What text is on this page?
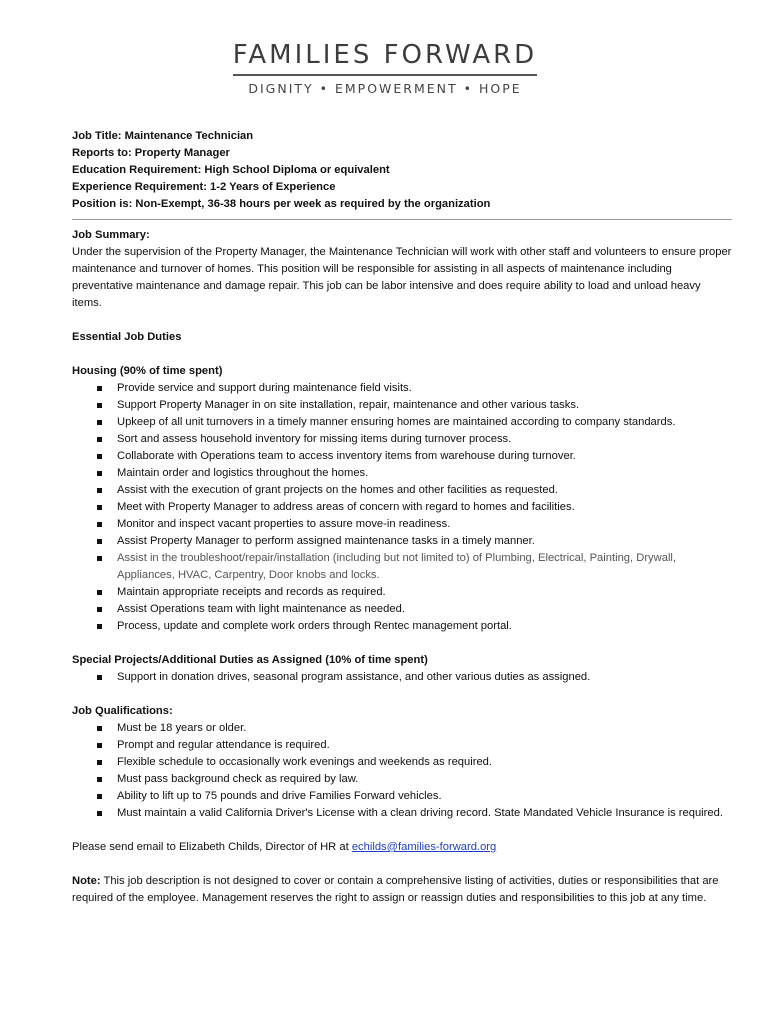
FAMILIES FORWARD
DIGNITY • EMPOWERMENT • HOPE
Job Title: Maintenance Technician
Reports to: Property Manager
Education Requirement: High School Diploma or equivalent
Experience Requirement: 1-2 Years of Experience
Position is: Non-Exempt, 36-38 hours per week as required by the organization
Job Summary:

Under the supervision of the Property Manager, the Maintenance Technician will work with other staff and volunteers to ensure proper maintenance and turnover of homes. This position will be responsible for assisting in all aspects of maintenance including preventative maintenance and damage repair. This job can be labor intensive and does require ability to load and unload heavy items.

Essential Job Duties
Housing (90% of time spent)
Provide service and support during maintenance field visits.
Support Property Manager in on site installation, repair, maintenance and other various tasks.
Upkeep of all unit turnovers in a timely manner ensuring homes are maintained according to company standards.
Sort and assess household inventory for missing items during turnover process.
Collaborate with Operations team to access inventory items from warehouse during turnover.
Maintain order and logistics throughout the homes.
Assist with the execution of grant projects on the homes and other facilities as requested.
Meet with Property Manager to address areas of concern with regard to homes and facilities.
Monitor and inspect vacant properties to assure move-in readiness.
Assist Property Manager to perform assigned maintenance tasks in a timely manner.
Assist in the troubleshoot/repair/installation (including but not limited to) of Plumbing, Electrical, Painting, Drywall, Appliances, HVAC, Carpentry, Door knobs and locks.
Maintain appropriate receipts and records as required.
Assist Operations team with light maintenance as needed.
Process, update and complete work orders through Rentec management portal.
Special Projects/Additional Duties as Assigned (10% of time spent)
Support in donation drives, seasonal program assistance, and other various duties as assigned.
Job Qualifications:
Must be 18 years or older.
Prompt and regular attendance is required.
Flexible schedule to occasionally work evenings and weekends as required.
Must pass background check as required by law.
Ability to lift up to 75 pounds and drive Families Forward vehicles.
Must maintain a valid California Driver's License with a clean driving record. State Mandated Vehicle Insurance is required.

Please send email to Elizabeth Childs, Director of HR at echilds@families-forward.org

Note: This job description is not designed to cover or contain a comprehensive listing of activities, duties or responsibilities that are required of the employee. Management reserves the right to assign or reassign duties and responsibilities to this job at any time.
